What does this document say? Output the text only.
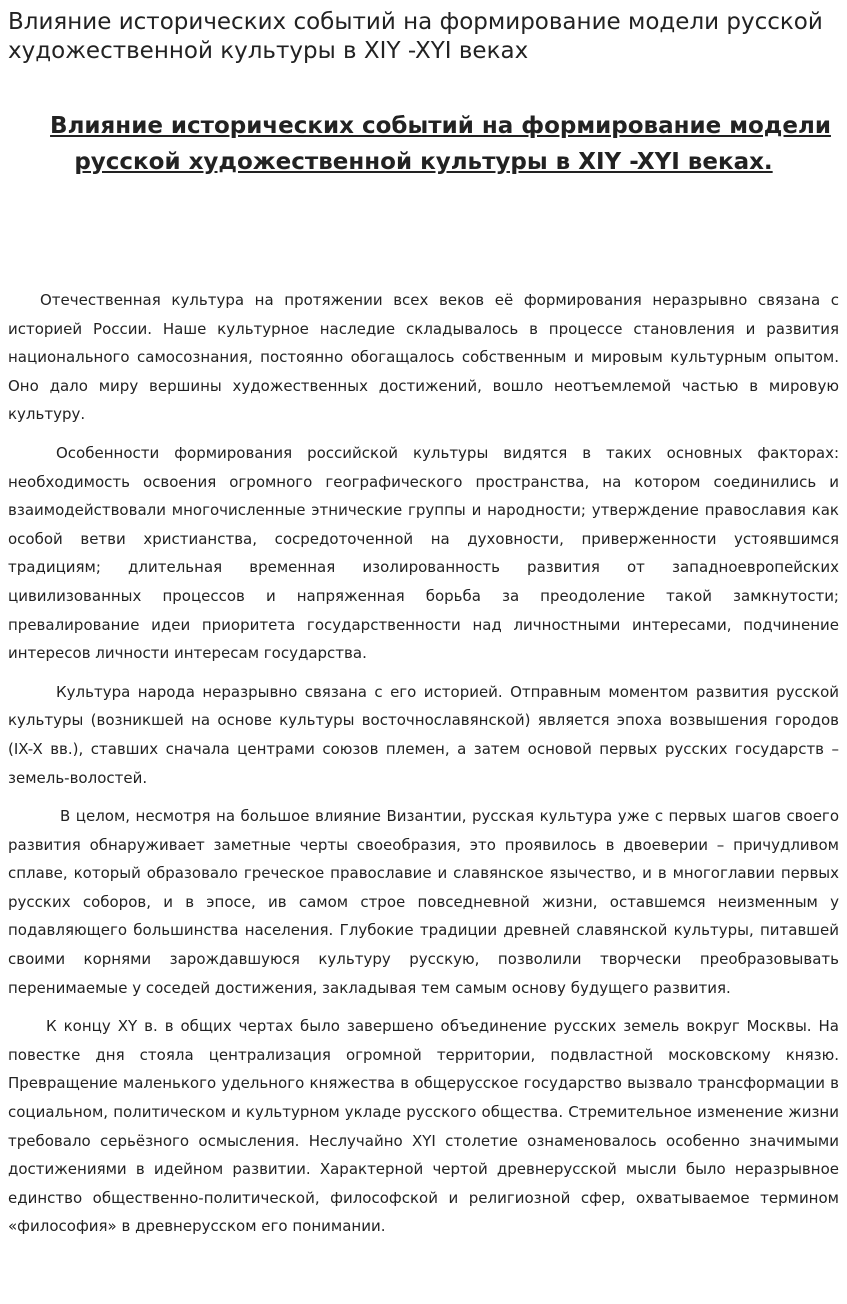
Влияние исторических событий на формирование модели русской художественной культуры в XIY -XYI веках
Влияние исторических событий на формирование модели русской художественной культуры в XIY -XYI веках.

Отечественная культура на протяжении всех веков её формирования неразрывно связана с историей России. Наше культурное наследие складывалось в процессе становления и развития национального самосознания, постоянно обогащалось собственным и мировым культурным опытом. Оно дало миру вершины художественных достижений, вошло неотъемлемой частью в мировую культуру.

Особенности формирования российской культуры видятся в таких основных факторах: необходимость освоения огромного географического пространства, на котором соединились и взаимодействовали многочисленные этнические группы и народности; утверждение православия как особой ветви христианства, сосредоточенной на духовности, приверженности устоявшимся традициям; длительная временная изолированность развития от западноевропейских цивилизованных процессов и напряженная борьба за преодоление такой замкнутости; превалирование идеи приоритета государственности над личностными интересами, подчинение интересов личности интересам государства.

Культура народа неразрывно связана с его историей. Отправным моментом развития русской культуры (возникшей на основе культуры восточнославянской) является эпоха возвышения городов (IX-X вв.), ставших сначала центрами союзов племен, а затем основой первых русских государств – земель-волостей.

В целом, несмотря на большое влияние Византии, русская культура уже с первых шагов своего развития обнаруживает заметные черты своеобразия, это проявилось в двоеверии – причудливом сплаве, который образовало греческое православие и славянское язычество, и в многоглавии первых русских соборов, и в эпосе, ив самом строе повседневной жизни, оставшемся неизменным у подавляющего большинства населения. Глубокие традиции древней славянской культуры, питавшей своими корнями зарождавшуюся культуру русскую, позволили творчески преобразовывать перенимаемые у соседей достижения, закладывая тем самым основу будущего развития.

К концу XY в. в общих чертах было завершено объединение русских земель вокруг Москвы. На повестке дня стояла централизация огромной территории, подвластной московскому князю. Превращение маленького удельного княжества в общерусское государство вызвало трансформации в социальном, политическом и культурном укладе русского общества. Стремительное изменение жизни требовало серьёзного осмысления. Неслучайно XYI столетие ознаменовалось особенно значимыми достижениями в идейном развитии. Характерной чертой древнерусской мысли было неразрывное единство общественно-политической, философской и религиозной сфер, охватываемое термином «философия» в древнерусском его понимании.
